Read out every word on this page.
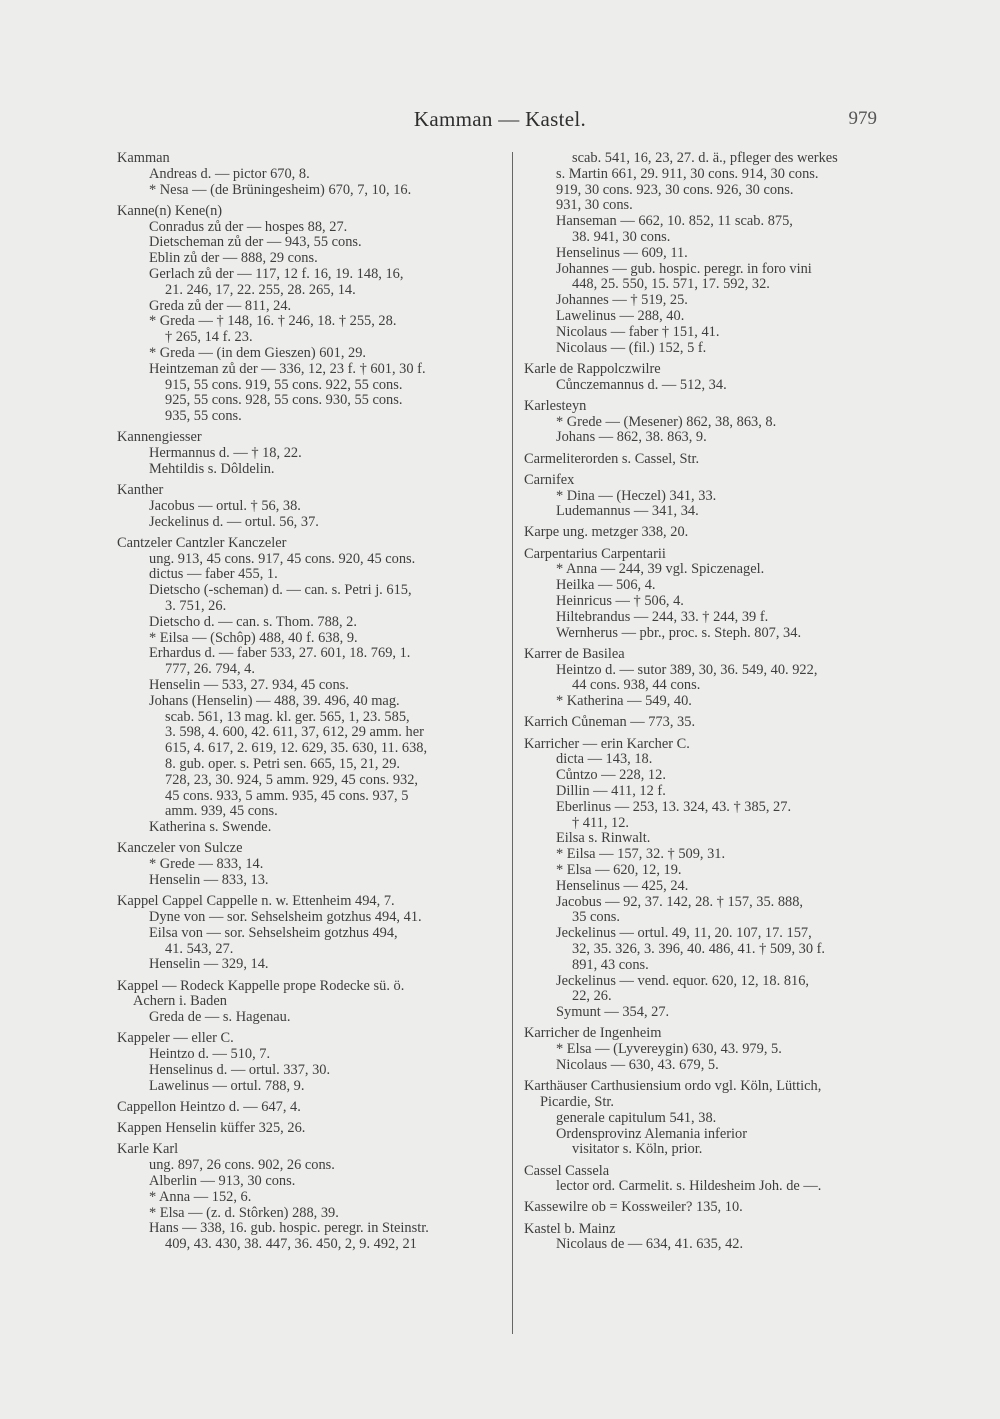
Kamman — Kastel.	979
Kamman
Andreas d. — pictor 670, 8.
* Nesa — (de Brüningesheim) 670, 7, 10, 16.
Kanne(n) Kene(n)
Conradus zů der — hospes 88, 27.
Dietscheman zů der — 943, 55 cons.
Eblin zů der — 888, 29 cons.
Gerlach zů der — 117, 12 f. 16, 19. 148, 16,
21. 246, 17, 22. 255, 28. 265, 14.
Greda zů der — 811, 24.
* Greda — † 148, 16. † 246, 18. † 255, 28.
† 265, 14 f. 23.
* Greda — (in dem Gieszen) 601, 29.
Heintzeman zů der — 336, 12, 23 f. † 601, 30 f.
915, 55 cons. 919, 55 cons. 922, 55 cons.
925, 55 cons. 928, 55 cons. 930, 55 cons.
935, 55 cons.
Kannengiesser
Hermannus d. — † 18, 22.
Mehtildis s. Dôldelin.
Kanther
Jacobus — ortul. † 56, 38.
Jeckelinus d. — ortul. 56, 37.
Cantzeler Cantzler Kanczeler
ung. 913, 45 cons. 917, 45 cons. 920, 45 cons.
dictus — faber 455, 1.
Dietscho (-scheman) d. — can. s. Petri j. 615,
3. 751, 26.
Dietscho d. — can. s. Thom. 788, 2.
* Eilsa — (Schôp) 488, 40 f. 638, 9.
Erhardus d. — faber 533, 27. 601, 18. 769, 1.
777, 26. 794, 4.
Henselin — 533, 27. 934, 45 cons.
Johans (Henselin) — 488, 39. 496, 40 mag.
scab. 561, 13 mag. kl. ger. 565, 1, 23. 585,
3. 598, 4. 600, 42. 611, 37, 612, 29 amm. her
615, 4. 617, 2. 619, 12. 629, 35. 630, 11. 638,
8. gub. oper. s. Petri sen. 665, 15, 21, 29.
728, 23, 30. 924, 5 amm. 929, 45 cons. 932,
45 cons. 933, 5 amm. 935, 45 cons. 937, 5
amm. 939, 45 cons.
Katherina s. Swende.
Kanczeler von Sulcze
* Grede — 833, 14.
Henselin — 833, 13.
Kappel Cappel Cappelle n. w. Ettenheim 494, 7.
Dyne von — sor. Sehselsheim gotzhus 494, 41.
Eilsa von — sor. Sehselsheim gotzhus 494,
41. 543, 27.
Henselin — 329, 14.
Kappel — Rodeck Kappelle prope Rodecke sü. ö.
Achern i. Baden
Greda de — s. Hagenau.
Kappeler — eller C.
Heintzo d. — 510, 7.
Henselinus d. — ortul. 337, 30.
Lawelinus — ortul. 788, 9.
Cappellon Heintzo d. — 647, 4.
Kappen Henselin küffer 325, 26.
Karle Karl
ung. 897, 26 cons. 902, 26 cons.
Alberlin — 913, 30 cons.
* Anna — 152, 6.
* Elsa — (z. d. Stôrken) 288, 39.
Hans — 338, 16. gub. hospic. peregr. in Steinstr.
409, 43. 430, 38. 447, 36. 450, 2, 9. 492, 21
scab. 541, 16, 23, 27. d. ä., pfleger des werkes
s. Martin 661, 29. 911, 30 cons. 914, 30 cons.
919, 30 cons. 923, 30 cons. 926, 30 cons.
931, 30 cons.
Hanseman — 662, 10. 852, 11 scab. 875,
38. 941, 30 cons.
Henselinus — 609, 11.
Johannes — gub. hospic. peregr. in foro vini
448, 25. 550, 15. 571, 17. 592, 32.
Johannes — † 519, 25.
Lawelinus — 288, 40.
Nicolaus — faber † 151, 41.
Nicolaus — (fil.) 152, 5 f.
Karle de Rappolczwilre
Cůnczemannus d. — 512, 34.
Karlesteyn
* Grede — (Mesener) 862, 38, 863, 8.
Johans — 862, 38. 863, 9.
Carmeliterorden s. Cassel, Str.
Carnifex
* Dina — (Heczel) 341, 33.
Ludemannus — 341, 34.
Karpe ung. metzger 338, 20.
Carpentarius Carpentarii
* Anna — 244, 39 vgl. Spiczenagel.
Heilka — 506, 4.
Heinricus — † 506, 4.
Hiltebrandus — 244, 33. † 244, 39 f.
Wernherus — pbr., proc. s. Steph. 807, 34.
Karrer de Basilea
Heintzo d. — sutor 389, 30, 36. 549, 40. 922,
44 cons. 938, 44 cons.
* Katherina — 549, 40.
Karrich Cůneman — 773, 35.
Karricher — erin Karcher C.
dicta — 143, 18.
Cůntzo — 228, 12.
Dillin — 411, 12 f.
Eberlinus — 253, 13. 324, 43. † 385, 27.
† 411, 12.
Eilsa s. Rinwalt.
* Eilsa — 157, 32. † 509, 31.
* Elsa — 620, 12, 19.
Henselinus — 425, 24.
Jacobus — 92, 37. 142, 28. † 157, 35. 888,
35 cons.
Jeckelinus — ortul. 49, 11, 20. 107, 17. 157,
32, 35. 326, 3. 396, 40. 486, 41. † 509, 30 f.
891, 43 cons.
Jeckelinus — vend. equor. 620, 12, 18. 816,
22, 26.
Symunt — 354, 27.
Karricher de Ingenheim
* Elsa — (Lyvereygin) 630, 43. 979, 5.
Nicolaus — 630, 43. 679, 5.
Karthäuser Carthusiensium ordo vgl. Köln, Lüttich,
Picardie, Str.
generale capitulum 541, 38.
Ordensprovinz Alemania inferior
visitator s. Köln, prior.
Cassel Cassela
lector ord. Carmelit. s. Hildesheim Joh. de —.
Kassewilre ob = Kossweiler? 135, 10.
Kastel b. Mainz
Nicolaus de — 634, 41. 635, 42.
